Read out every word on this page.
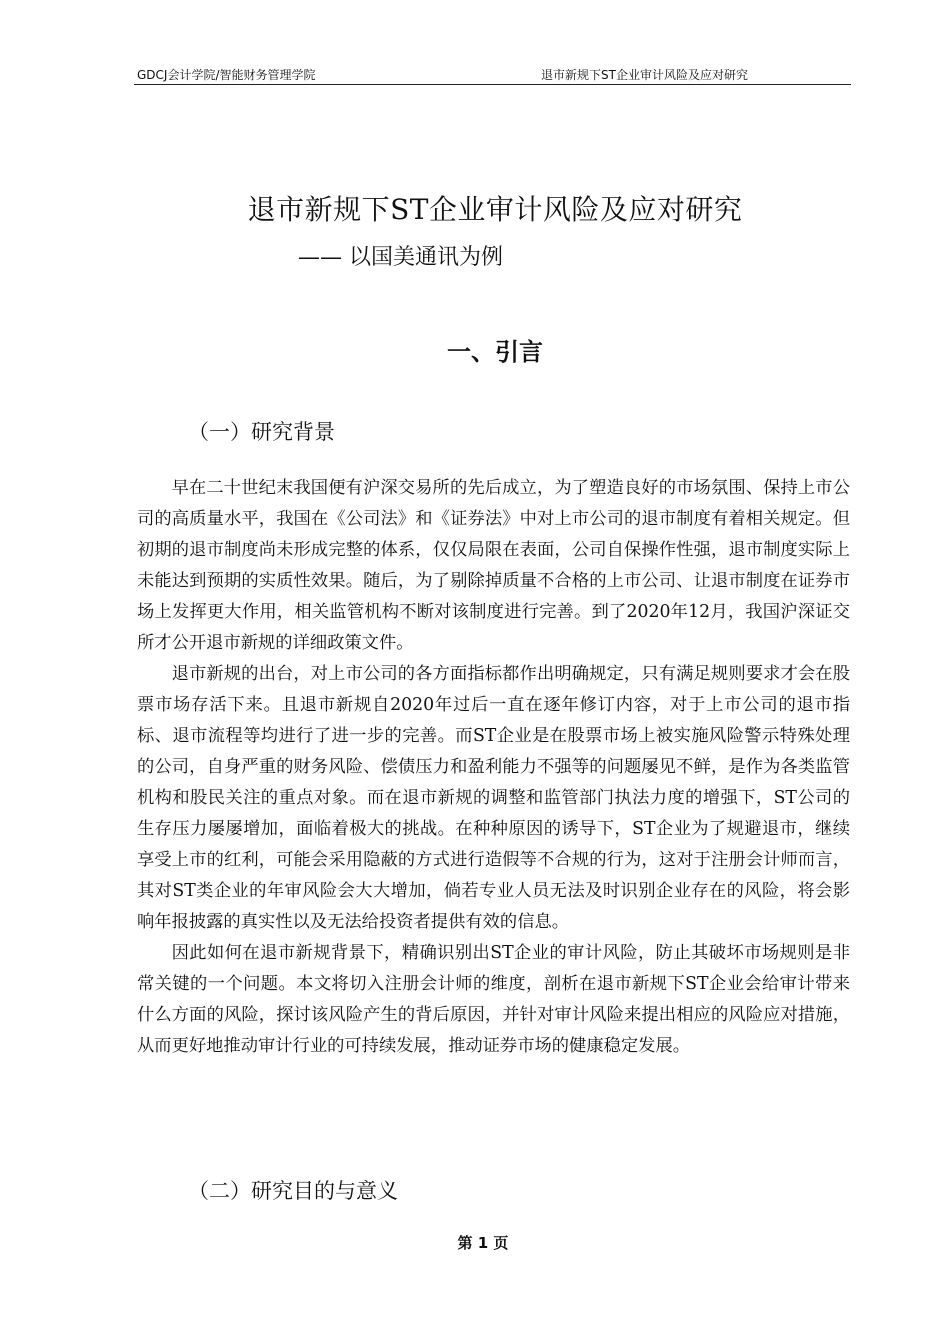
GDCJ会计学院/智能财务管理学院	退市新规下ST企业审计风险及应对研究
退市新规下ST企业审计风险及应对研究
—— 以国美通讯为例
一、引言
（一）研究背景

早在二十世纪末我国便有沪深交易所的先后成立，为了塑造良好的市场氛围、保持上市公司的高质量水平，我国在《公司法》和《证券法》中对上市公司的退市制度有着相关规定。但初期的退市制度尚未形成完整的体系，仅仅局限在表面，公司自保操作性强，退市制度实际上未能达到预期的实质性效果。随后，为了剔除掉质量不合格的上市公司、让退市制度在证券市场上发挥更大作用，相关监管机构不断对该制度进行完善。到了2020年12月，我国沪深证交所才公开退市新规的详细政策文件。

退市新规的出台，对上市公司的各方面指标都作出明确规定，只有满足规则要求才会在股票市场存活下来。且退市新规自2020年过后一直在逐年修订内容，对于上市公司的退市指标、退市流程等均进行了进一步的完善。而ST企业是在股票市场上被实施风险警示特殊处理的公司，自身严重的财务风险、偿债压力和盈利能力不强等的问题屡见不鲜，是作为各类监管机构和股民关注的重点对象。而在退市新规的调整和监管部门执法力度的增强下，ST公司的生存压力屡屡增加，面临着极大的挑战。在种种原因的诱导下，ST企业为了规避退市，继续享受上市的红利，可能会采用隐蔽的方式进行造假等不合规的行为，这对于注册会计师而言，其对ST类企业的年审风险会大大增加，倘若专业人员无法及时识别企业存在的风险，将会影响年报披露的真实性以及无法给投资者提供有效的信息。

因此如何在退市新规背景下，精确识别出ST企业的审计风险，防止其破坏市场规则是非常关键的一个问题。本文将切入注册会计师的维度，剖析在退市新规下ST企业会给审计带来什么方面的风险，探讨该风险产生的背后原因，并针对审计风险来提出相应的风险应对措施，从而更好地推动审计行业的可持续发展，推动证券市场的健康稳定发展。

（二）研究目的与意义
第 1 页
